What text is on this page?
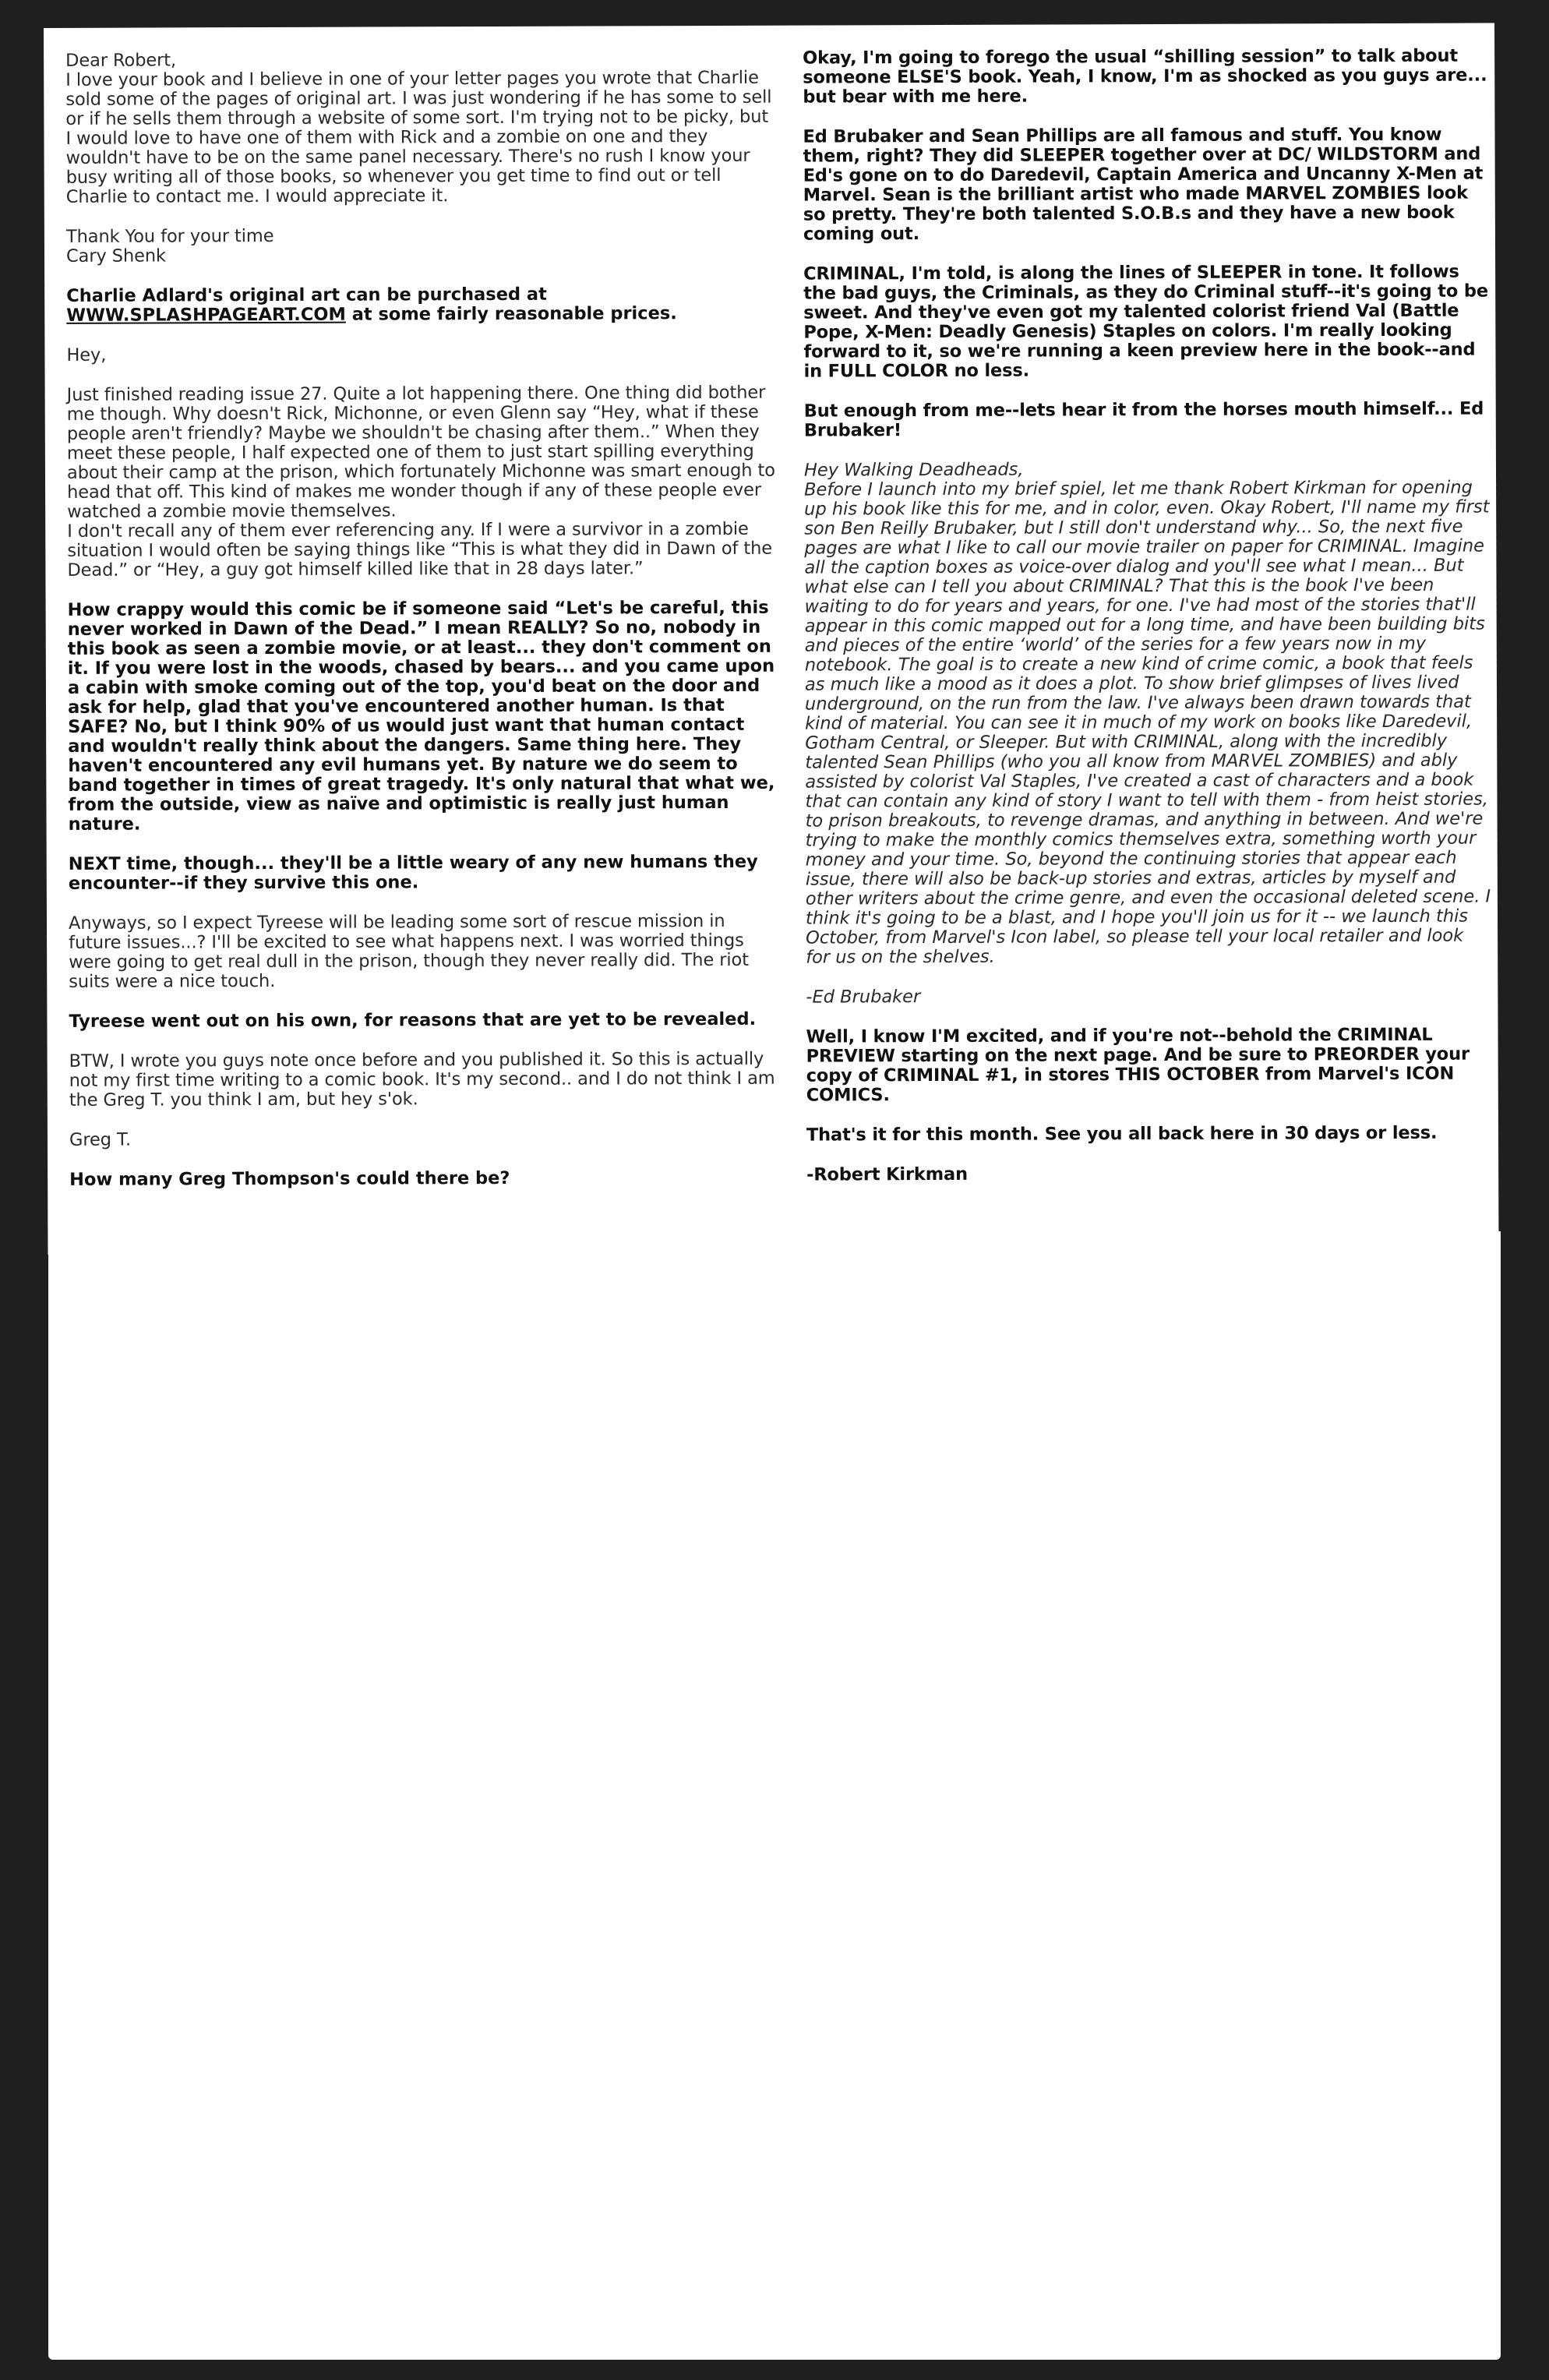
Dear Robert,

I love your book and I believe in one of your letter pages you wrote that Charlie sold some of the pages of original art. I was just wondering if he has some to sell or if he sells them through a website of some sort. I'm trying not to be picky, but I would love to have one of them with Rick and a zombie on one and they wouldn't have to be on the same panel necessary. There's no rush I know your busy writing all of those books, so whenever you get time to find out or tell Charlie to contact me. I would appreciate it.

Thank You for your time

Cary Shenk

Charlie Adlard's original art can be purchased at
WWW.SPLASHPAGEART.COM at some fairly reasonable prices.

Hey,

Just finished reading issue 27. Quite a lot happening there. One thing did bother me though. Why doesn't Rick, Michonne, or even Glenn say “Hey, what if these people aren't friendly? Maybe we shouldn't be chasing after them..” When they meet these people, I half expected one of them to just start spilling everything about their camp at the prison, which fortunately Michonne was smart enough to head that off. This kind of makes me wonder though if any of these people ever watched a zombie movie themselves.
I don't recall any of them ever referencing any. If I were a survivor in a zombie situation I would often be saying things like “This is what they did in Dawn of the Dead.” or “Hey, a guy got himself killed like that in 28 days later.”

How crappy would this comic be if someone said “Let's be careful, this never worked in Dawn of the Dead.” I mean REALLY? So no, nobody in this book as seen a zombie movie, or at least... they don't comment on it. If you were lost in the woods, chased by bears... and you came upon a cabin with smoke coming out of the top, you'd beat on the door and ask for help, glad that you've encountered another human. Is that SAFE? No, but I think 90% of us would just want that human contact and wouldn't really think about the dangers. Same thing here. They haven't encountered any evil humans yet. By nature we do seem to band together in times of great tragedy. It's only natural that what we, from the outside, view as naïve and optimistic is really just human nature.

NEXT time, though... they'll be a little weary of any new humans they encounter--if they survive this one.

Anyways, so I expect Tyreese will be leading some sort of rescue mission in future issues...? I'll be excited to see what happens next. I was worried things were going to get real dull in the prison, though they never really did. The riot suits were a nice touch.

Tyreese went out on his own, for reasons that are yet to be revealed.

BTW, I wrote you guys note once before and you published it. So this is actually not my first time writing to a comic book. It's my second.. and I do not think I am the Greg T. you think I am, but hey s'ok.

Greg T.

How many Greg Thompson's could there be?

Okay, I'm going to forego the usual “shilling session” to talk about someone ELSE'S book. Yeah, I know, I'm as shocked as you guys are... but bear with me here.

Ed Brubaker and Sean Phillips are all famous and stuff. You know them, right? They did SLEEPER together over at DC/ WILDSTORM and Ed's gone on to do Daredevil, Captain America and Uncanny X-Men at Marvel. Sean is the brilliant artist who made MARVEL ZOMBIES look so pretty. They're both talented S.O.B.s and they have a new book coming out.

CRIMINAL, I'm told, is along the lines of SLEEPER in tone. It follows the bad guys, the Criminals, as they do Criminal stuff--it's going to be sweet. And they've even got my talented colorist friend Val (Battle Pope, X-Men: Deadly Genesis) Staples on colors. I'm really looking forward to it, so we're running a keen preview here in the book--and in FULL COLOR no less.

But enough from me--lets hear it from the horses mouth himself... Ed Brubaker!

Hey Walking Deadheads,

Before I launch into my brief spiel, let me thank Robert Kirkman for opening up his book like this for me, and in color, even. Okay Robert, I'll name my first son Ben Reilly Brubaker, but I still don't understand why... So, the next five pages are what I like to call our movie trailer on paper for CRIMINAL. Imagine all the caption boxes as voice-over dialog and you'll see what I mean... But what else can I tell you about CRIMINAL? That this is the book I've been waiting to do for years and years, for one. I've had most of the stories that'll appear in this comic mapped out for a long time, and have been building bits and pieces of the entire ‘world’ of the series for a few years now in my notebook. The goal is to create a new kind of crime comic, a book that feels as much like a mood as it does a plot. To show brief glimpses of lives lived underground, on the run from the law. I've always been drawn towards that kind of material. You can see it in much of my work on books like Daredevil, Gotham Central, or Sleeper. But with CRIMINAL, along with the incredibly talented Sean Phillips (who you all know from MARVEL ZOMBIES) and ably assisted by colorist Val Staples, I've created a cast of characters and a book that can contain any kind of story I want to tell with them - from heist stories, to prison breakouts, to revenge dramas, and anything in between. And we're trying to make the monthly comics themselves extra, something worth your money and your time. So, beyond the continuing stories that appear each issue, there will also be back-up stories and extras, articles by myself and other writers about the crime genre, and even the occasional deleted scene. I think it's going to be a blast, and I hope you'll join us for it -- we launch this October, from Marvel's Icon label, so please tell your local retailer and look for us on the shelves.

-Ed Brubaker

Well, I know I'M excited, and if you're not--behold the CRIMINAL PREVIEW starting on the next page. And be sure to PREORDER your copy of CRIMINAL #1, in stores THIS OCTOBER from Marvel's ICON COMICS.

That's it for this month. See you all back here in 30 days or less.

-Robert Kirkman
